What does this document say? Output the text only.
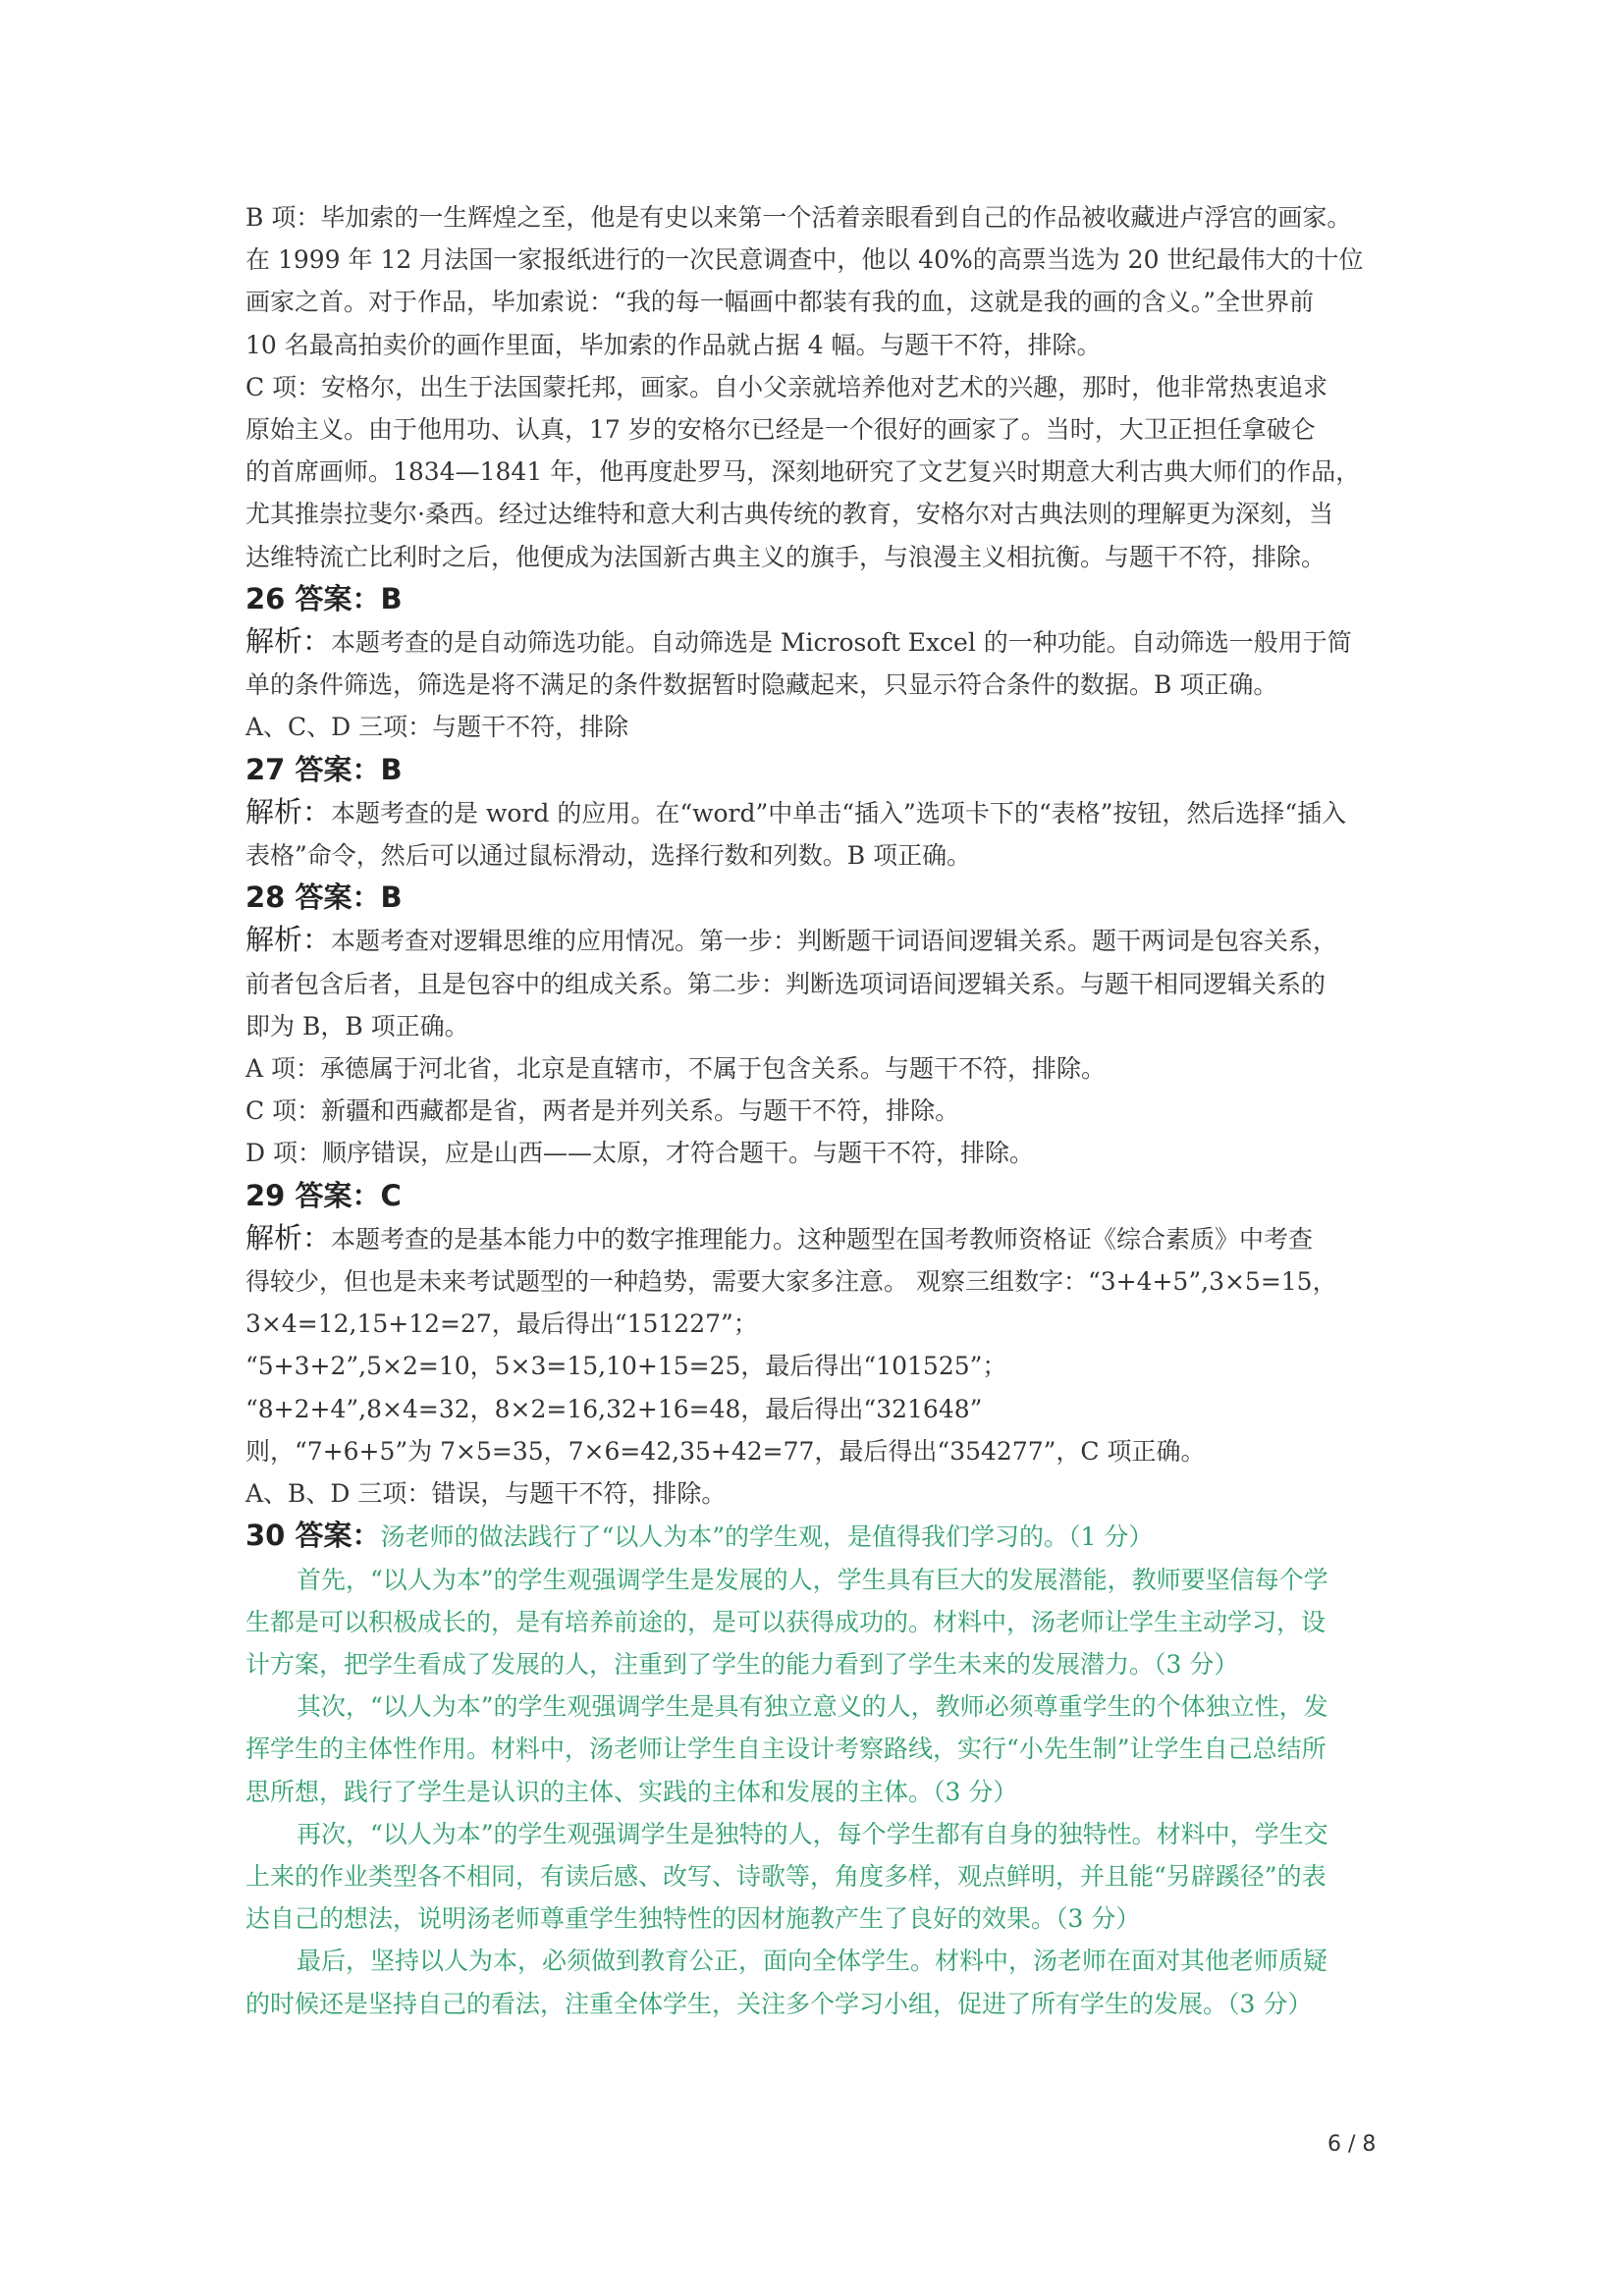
B 项：毕加索的一生辉煌之至，他是有史以来第一个活着亲眼看到自己的作品被收藏进卢浮宫的画家。
在 1999 年 12 月法国一家报纸进行的一次民意调查中，他以 40%的高票当选为 20 世纪最伟大的十位
画家之首。对于作品，毕加索说：“我的每一幅画中都装有我的血，这就是我的画的含义。”全世界前
10 名最高拍卖价的画作里面，毕加索的作品就占据 4 幅。与题干不符，排除。
C 项：安格尔，出生于法国蒙托邦，画家。自小父亲就培养他对艺术的兴趣，那时，他非常热衷追求
原始主义。由于他用功、认真，17 岁的安格尔已经是一个很好的画家了。当时，大卫正担任拿破仑
的首席画师。1834—1841 年，他再度赴罗马，深刻地研究了文艺复兴时期意大利古典大师们的作品，
尤其推崇拉斐尔·桑西。经过达维特和意大利古典传统的教育，安格尔对古典法则的理解更为深刻，当
达维特流亡比利时之后，他便成为法国新古典主义的旗手，与浪漫主义相抗衡。与题干不符，排除。
26 答案：B
解析：本题考查的是自动筛选功能。自动筛选是 Microsoft Excel 的一种功能。自动筛选一般用于简
单的条件筛选，筛选是将不满足的条件数据暂时隐藏起来，只显示符合条件的数据。B 项正确。
A、C、D 三项：与题干不符，排除
27 答案：B
解析：本题考查的是 word 的应用。在“word”中单击“插入”选项卡下的“表格”按钮，然后选择“插入
表格”命令，然后可以通过鼠标滑动，选择行数和列数。B 项正确。
28 答案：B
解析：本题考查对逻辑思维的应用情况。第一步：判断题干词语间逻辑关系。题干两词是包容关系，
前者包含后者，且是包容中的组成关系。第二步：判断选项词语间逻辑关系。与题干相同逻辑关系的
即为 B，B 项正确。
A 项：承德属于河北省，北京是直辖市，不属于包含关系。与题干不符，排除。
C 项：新疆和西藏都是省，两者是并列关系。与题干不符，排除。
D 项：顺序错误，应是山西——太原，才符合题干。与题干不符，排除。
29 答案：C
解析：本题考查的是基本能力中的数字推理能力。这种题型在国考教师资格证《综合素质》中考查
得较少，但也是未来考试题型的一种趋势，需要大家多注意。 观察三组数字：“3+4+5”,3×5=15，
3×4=12,15+12=27，最后得出“151227”；
“5+3+2”,5×2=10，5×3=15,10+15=25，最后得出“101525”；
“8+2+4”,8×4=32，8×2=16,32+16=48，最后得出“321648”
则，“7+6+5”为 7×5=35，7×6=42,35+42=77，最后得出“354277”，C 项正确。
A、B、D 三项：错误，与题干不符，排除。
30 答案：汤老师的做法践行了“以人为本”的学生观，是值得我们学习的。（1 分）
首先，“以人为本”的学生观强调学生是发展的人，学生具有巨大的发展潜能，教师要坚信每个学
生都是可以积极成长的，是有培养前途的，是可以获得成功的。材料中，汤老师让学生主动学习，设
计方案，把学生看成了发展的人，注重到了学生的能力看到了学生未来的发展潜力。（3 分）
其次，“以人为本”的学生观强调学生是具有独立意义的人，教师必须尊重学生的个体独立性，发
挥学生的主体性作用。材料中，汤老师让学生自主设计考察路线，实行“小先生制”让学生自己总结所
思所想，践行了学生是认识的主体、实践的主体和发展的主体。（3 分）
再次，“以人为本”的学生观强调学生是独特的人，每个学生都有自身的独特性。材料中，学生交
上来的作业类型各不相同，有读后感、改写、诗歌等，角度多样，观点鲜明，并且能“另辟蹊径”的表
达自己的想法，说明汤老师尊重学生独特性的因材施教产生了良好的效果。（3 分）
最后，坚持以人为本，必须做到教育公正，面向全体学生。材料中，汤老师在面对其他老师质疑
的时候还是坚持自己的看法，注重全体学生，关注多个学习小组，促进了所有学生的发展。（3 分）
6 / 8
